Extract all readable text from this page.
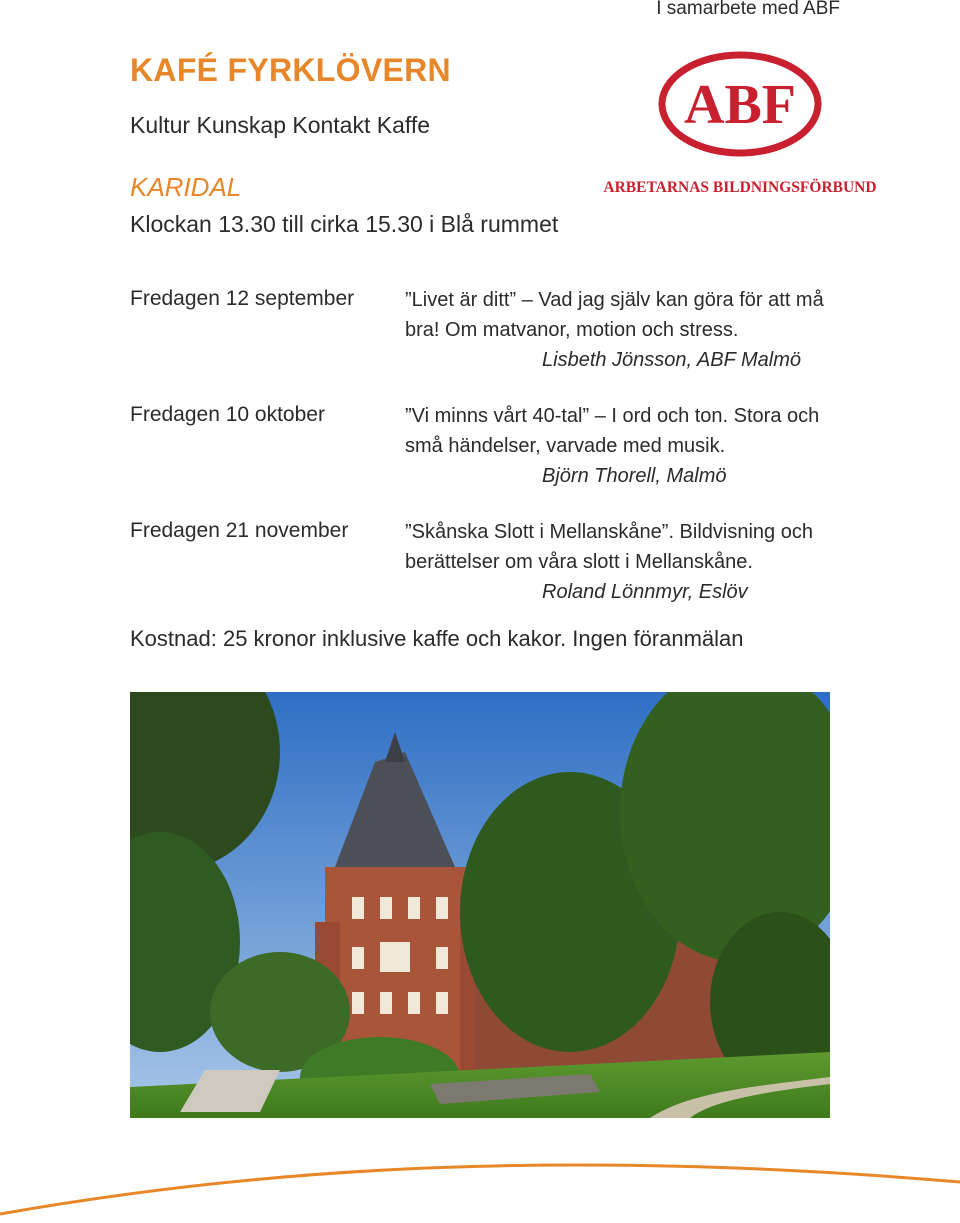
I samarbete med ABF
KAFÉ FYRKLÖVERN
Kultur Kunskap Kontakt Kaffe
KARIDAL
Klockan 13.30 till cirka 15.30 i Blå rummet
ABF
ARBETARNAS BILDNINGSFÖRBUND
Fredagen 12 september	”Livet är ditt” – Vad jag själv kan göra för att må bra! Om matvanor, motion och stress.
Lisbeth Jönsson, ABF Malmö
Fredagen 10 oktober	”Vi minns vårt 40-tal” – I ord och ton. Stora och små händelser, varvade med musik.
Björn Thorell, Malmö
Fredagen 21 november	”Skånska Slott i Mellanskåne”. Bildvisning och berättelser om våra slott i Mellanskåne.
Roland Lönnmyr, Eslöv
Kostnad: 25 kronor inklusive kaffe och kakor. Ingen föranmälan
